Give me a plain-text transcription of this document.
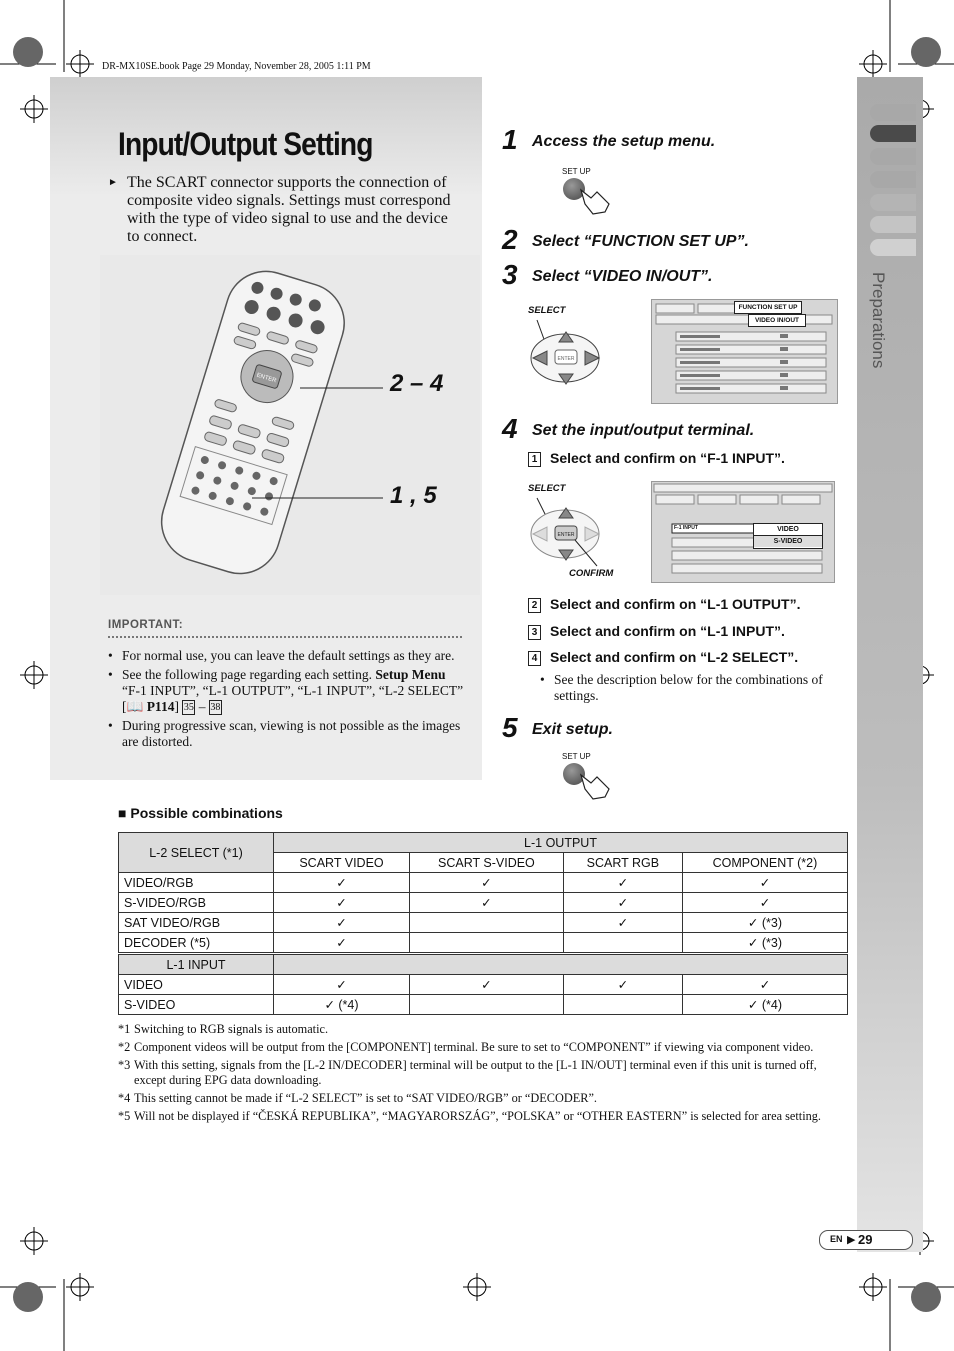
DR-MX10SE.book Page 29 Monday, November 28, 2005 1:11 PM
Input/Output Setting
► The SCART connector supports the connection of composite video signals. Settings must correspond with the type of video signal to use and the device to connect.
ENTER	2 – 4
1 , 5
IMPORTANT:
• For normal use, you can leave the default settings as they are.
• See the following page regarding each setting. Setup Menu “F-1 INPUT”, “L-1 OUTPUT”, “L-1 INPUT”, “L-2 SELECT” [📖 P114] 35 – 38
• During progressive scan, viewing is not possible as the images are distorted.
1 Access the setup menu.
SET UP
2 Select “FUNCTION SET UP”.
3 Select “VIDEO IN/OUT”.
SELECT
ENTER
FUNCTION SET UP
VIDEO IN/OUT
4 Set the input/output terminal.
1 Select and confirm on “F-1 INPUT”.
SELECT
ENTER
CONFIRM
F-1 INPUT	VIDEO
S-VIDEO
2 Select and confirm on “L-1 OUTPUT”.
3 Select and confirm on “L-1 INPUT”.
4 Select and confirm on “L-2 SELECT”.
• See the description below for the combinations of settings.
5 Exit setup.
SET UP
Preparations
■ Possible combinations
L-2 SELECT (*1)	L-1 OUTPUT			
	SCART VIDEO	SCART S-VIDEO	SCART RGB	COMPONENT (*2)
VIDEO/RGB	✓	✓	✓	✓
S-VIDEO/RGB	✓	✓	✓	✓
SAT VIDEO/RGB	✓		✓	✓ (*3)
DECODER (*5)	✓			✓ (*3)
L-1 INPUT				
VIDEO	✓	✓	✓	✓
S-VIDEO	✓ (*4)			✓ (*4)
*1 Switching to RGB signals is automatic.
*2 Component videos will be output from the [COMPONENT] terminal. Be sure to set to “COMPONENT” if viewing via component video.
*3 With this setting, signals from the [L-2 IN/DECODER] terminal will be output to the [L-1 IN/OUT] terminal even if this unit is turned off, except during EPG data downloading.
*4 This setting cannot be made if “L-2 SELECT” is set to “SAT VIDEO/RGB” or “DECODER”.
*5 Will not be displayed if “ČESKÁ REPUBLIKA”, “MAGYARORSZÁG”, “POLSKA” or “OTHER EASTERN” is selected for area setting.
EN ▶ 29
